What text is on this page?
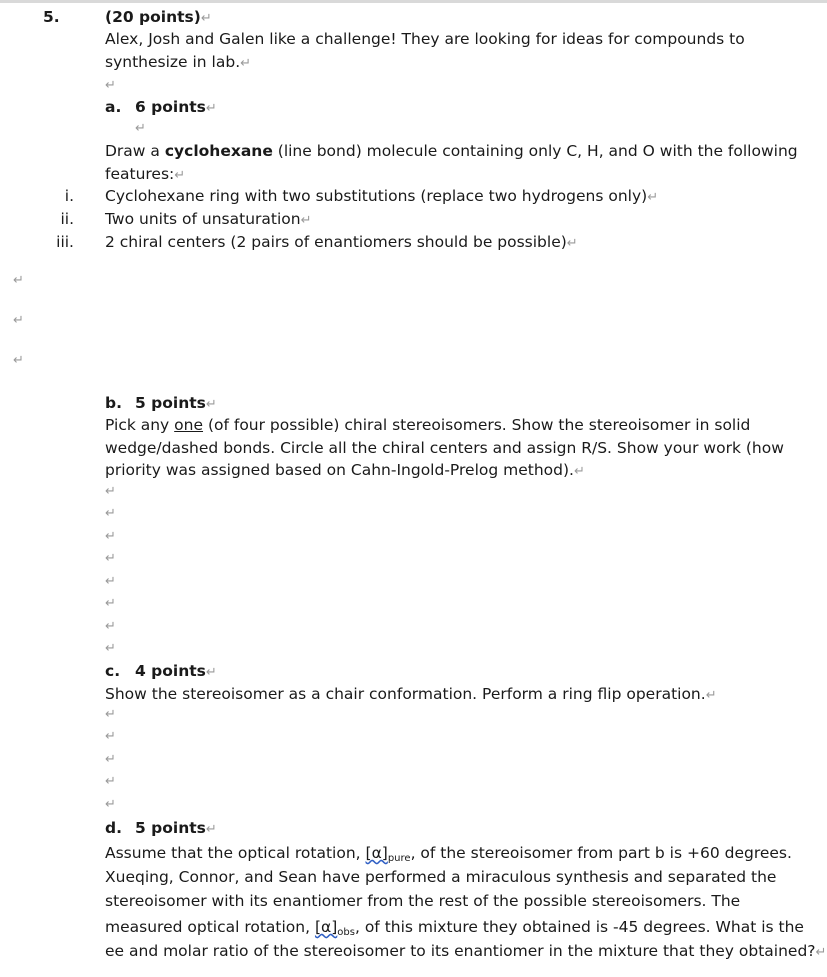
5.	(20 points)↵
Alex, Josh and Galen like a challenge! They are looking for ideas for compounds to
synthesize in lab.↵
↵
a. 6 points↵
↵
Draw a cyclohexane (line bond) molecule containing only C, H, and O with the following
features:↵
i. Cyclohexane ring with two substitutions (replace two hydrogens only)↵
ii. Two units of unsaturation↵
iii. 2 chiral centers (2 pairs of enantiomers should be possible)↵
↵
↵
↵
b. 5 points↵
Pick any one (of four possible) chiral stereoisomers. Show the stereoisomer in solid
wedge/dashed bonds. Circle all the chiral centers and assign R/S. Show your work (how
priority was assigned based on Cahn-Ingold-Prelog method).↵
↵
↵
↵
↵
↵
↵
↵
↵
c. 4 points↵
Show the stereoisomer as a chair conformation. Perform a ring flip operation.↵
↵
↵
↵
↵
↵
d. 5 points↵
Assume that the optical rotation, $[\alpha]_{pure}$, of the stereoisomer from part b is +60 degrees.
Xueqing, Connor, and Sean have performed a miraculous synthesis and separated the
stereoisomer with its enantiomer from the rest of the possible stereoisomers. The
measured optical rotation, $[\alpha]_{obs}$, of this mixture they obtained is -45 degrees. What is the
ee and molar ratio of the stereoisomer to its enantiomer in the mixture that they obtained?↵
